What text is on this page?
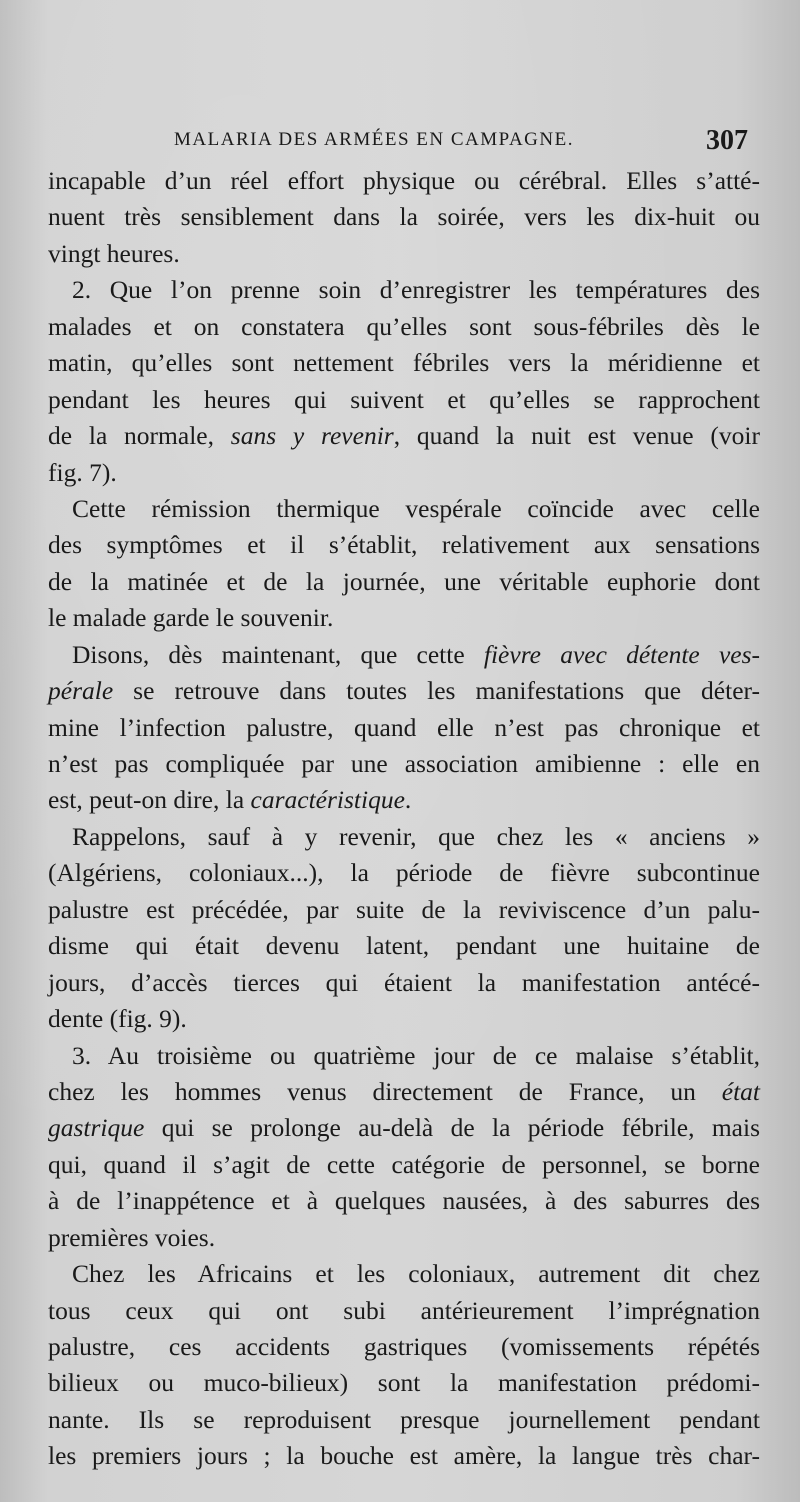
MALARIA DES ARMÉES EN CAMPAGNE.	307
incapable d’un réel effort physique ou cérébral. Elles s’atté-
nuent très sensiblement dans la soirée, vers les dix-huit ou
vingt heures.
2. Que l’on prenne soin d’enregistrer les températures des
malades et on constatera qu’elles sont sous-fébriles dès le
matin, qu’elles sont nettement fébriles vers la méridienne et
pendant les heures qui suivent et qu’elles se rapprochent
de la normale, sans y revenir, quand la nuit est venue (voir
fig. 7).
Cette rémission thermique vespérale coïncide avec celle
des symptômes et il s’établit, relativement aux sensations
de la matinée et de la journée, une véritable euphorie dont
le malade garde le souvenir.
Disons, dès maintenant, que cette fièvre avec détente ves-
pérale se retrouve dans toutes les manifestations que déter-
mine l’infection palustre, quand elle n’est pas chronique et
n’est pas compliquée par une association amibienne : elle en
est, peut-on dire, la caractéristique.
Rappelons, sauf à y revenir, que chez les « anciens »
(Algériens, coloniaux...), la période de fièvre subcontinue
palustre est précédée, par suite de la reviviscence d’un palu-
disme qui était devenu latent, pendant une huitaine de
jours, d’accès tierces qui étaient la manifestation antécé-
dente (fig. 9).
3. Au troisième ou quatrième jour de ce malaise s’établit,
chez les hommes venus directement de France, un état
gastrique qui se prolonge au-delà de la période fébrile, mais
qui, quand il s’agit de cette catégorie de personnel, se borne
à de l’inappétence et à quelques nausées, à des saburres des
premières voies.
Chez les Africains et les coloniaux, autrement dit chez
tous ceux qui ont subi antérieurement l’imprégnation
palustre, ces accidents gastriques (vomissements répétés
bilieux ou muco-bilieux) sont la manifestation prédomi-
nante. Ils se reproduisent presque journellement pendant
les premiers jours ; la bouche est amère, la langue très char-
